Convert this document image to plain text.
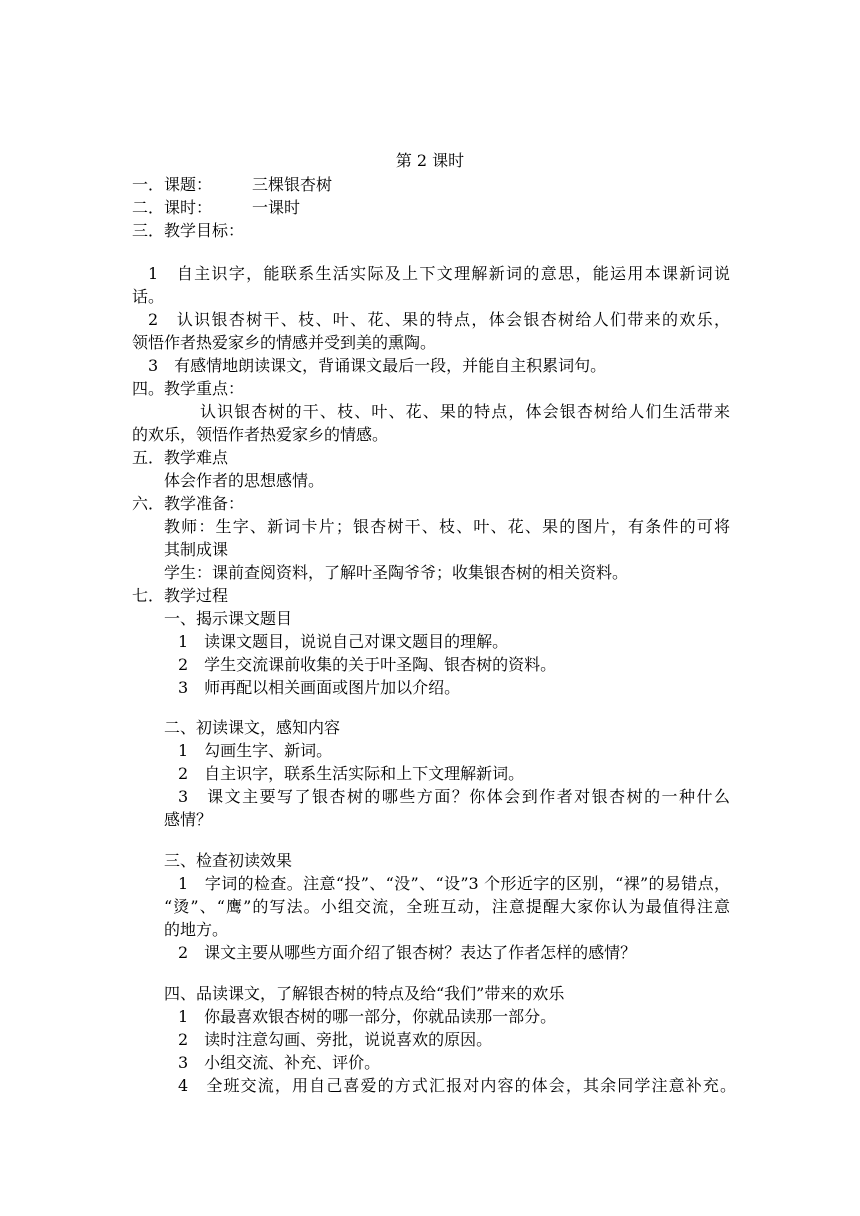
第 2 课时
一．课题： 三棵银杏树
二．课时： 一课时
三．教学目标：
1　自主识字，能联系生活实际及上下文理解新词的意思，能运用本课新词说
话。
2　认识银杏树干、枝、叶、花、果的特点，体会银杏树给人们带来的欢乐，
领悟作者热爱家乡的情感并受到美的熏陶。
3　有感情地朗读课文，背诵课文最后一段，并能自主积累词句。
四。教学重点：
认识银杏树的干、枝、叶、花、果的特点，体会银杏树给人们生活带来
的欢乐，领悟作者热爱家乡的情感。
五．教学难点
体会作者的思想感情。
六．教学准备：
教师：生字、新词卡片；银杏树干、枝、叶、花、果的图片，有条件的可将
其制成课
学生：课前查阅资料，了解叶圣陶爷爷；收集银杏树的相关资料。
七．教学过程
一、揭示课文题目
1　读课文题目，说说自己对课文题目的理解。
2　学生交流课前收集的关于叶圣陶、银杏树的资料。
3　师再配以相关画面或图片加以介绍。
二、初读课文，感知内容
1　勾画生字、新词。
2　自主识字，联系生活实际和上下文理解新词。
3　课文主要写了银杏树的哪些方面？你体会到作者对银杏树的一种什么
感情？
三、检查初读效果
1　字词的检查。注意“投”、“没”、“设”3 个形近字的区别，“裸”的易错点，
“烫”、“鹰”的写法。小组交流，全班互动，注意提醒大家你认为最值得注意
的地方。
2　课文主要从哪些方面介绍了银杏树？表达了作者怎样的感情？
四、品读课文，了解银杏树的特点及给“我们”带来的欢乐
1　你最喜欢银杏树的哪一部分，你就品读那一部分。
2　读时注意勾画、旁批，说说喜欢的原因。
3　小组交流、补充、评价。
4　全班交流，用自己喜爱的方式汇报对内容的体会，其余同学注意补充。
